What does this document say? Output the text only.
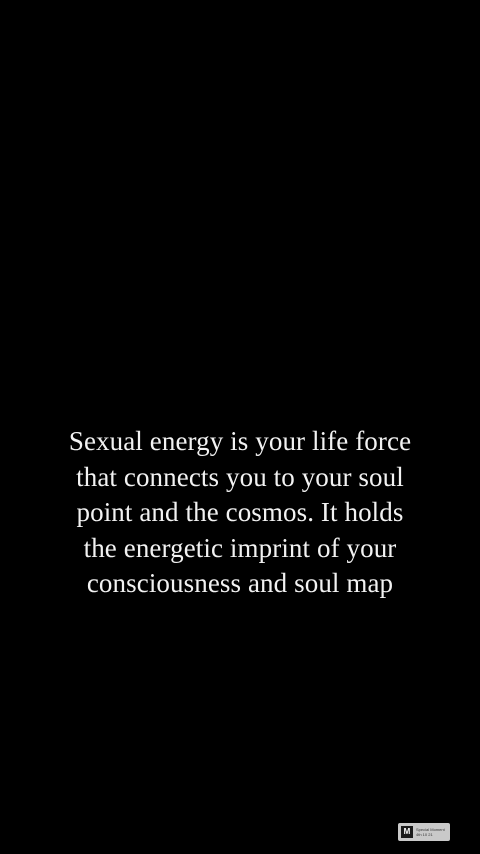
Sexual energy is your life force
that connects you to your soul
point and the cosmos. It holds
the energetic imprint of your
consciousness and soul map

M	Special Moment
4th 10 21
